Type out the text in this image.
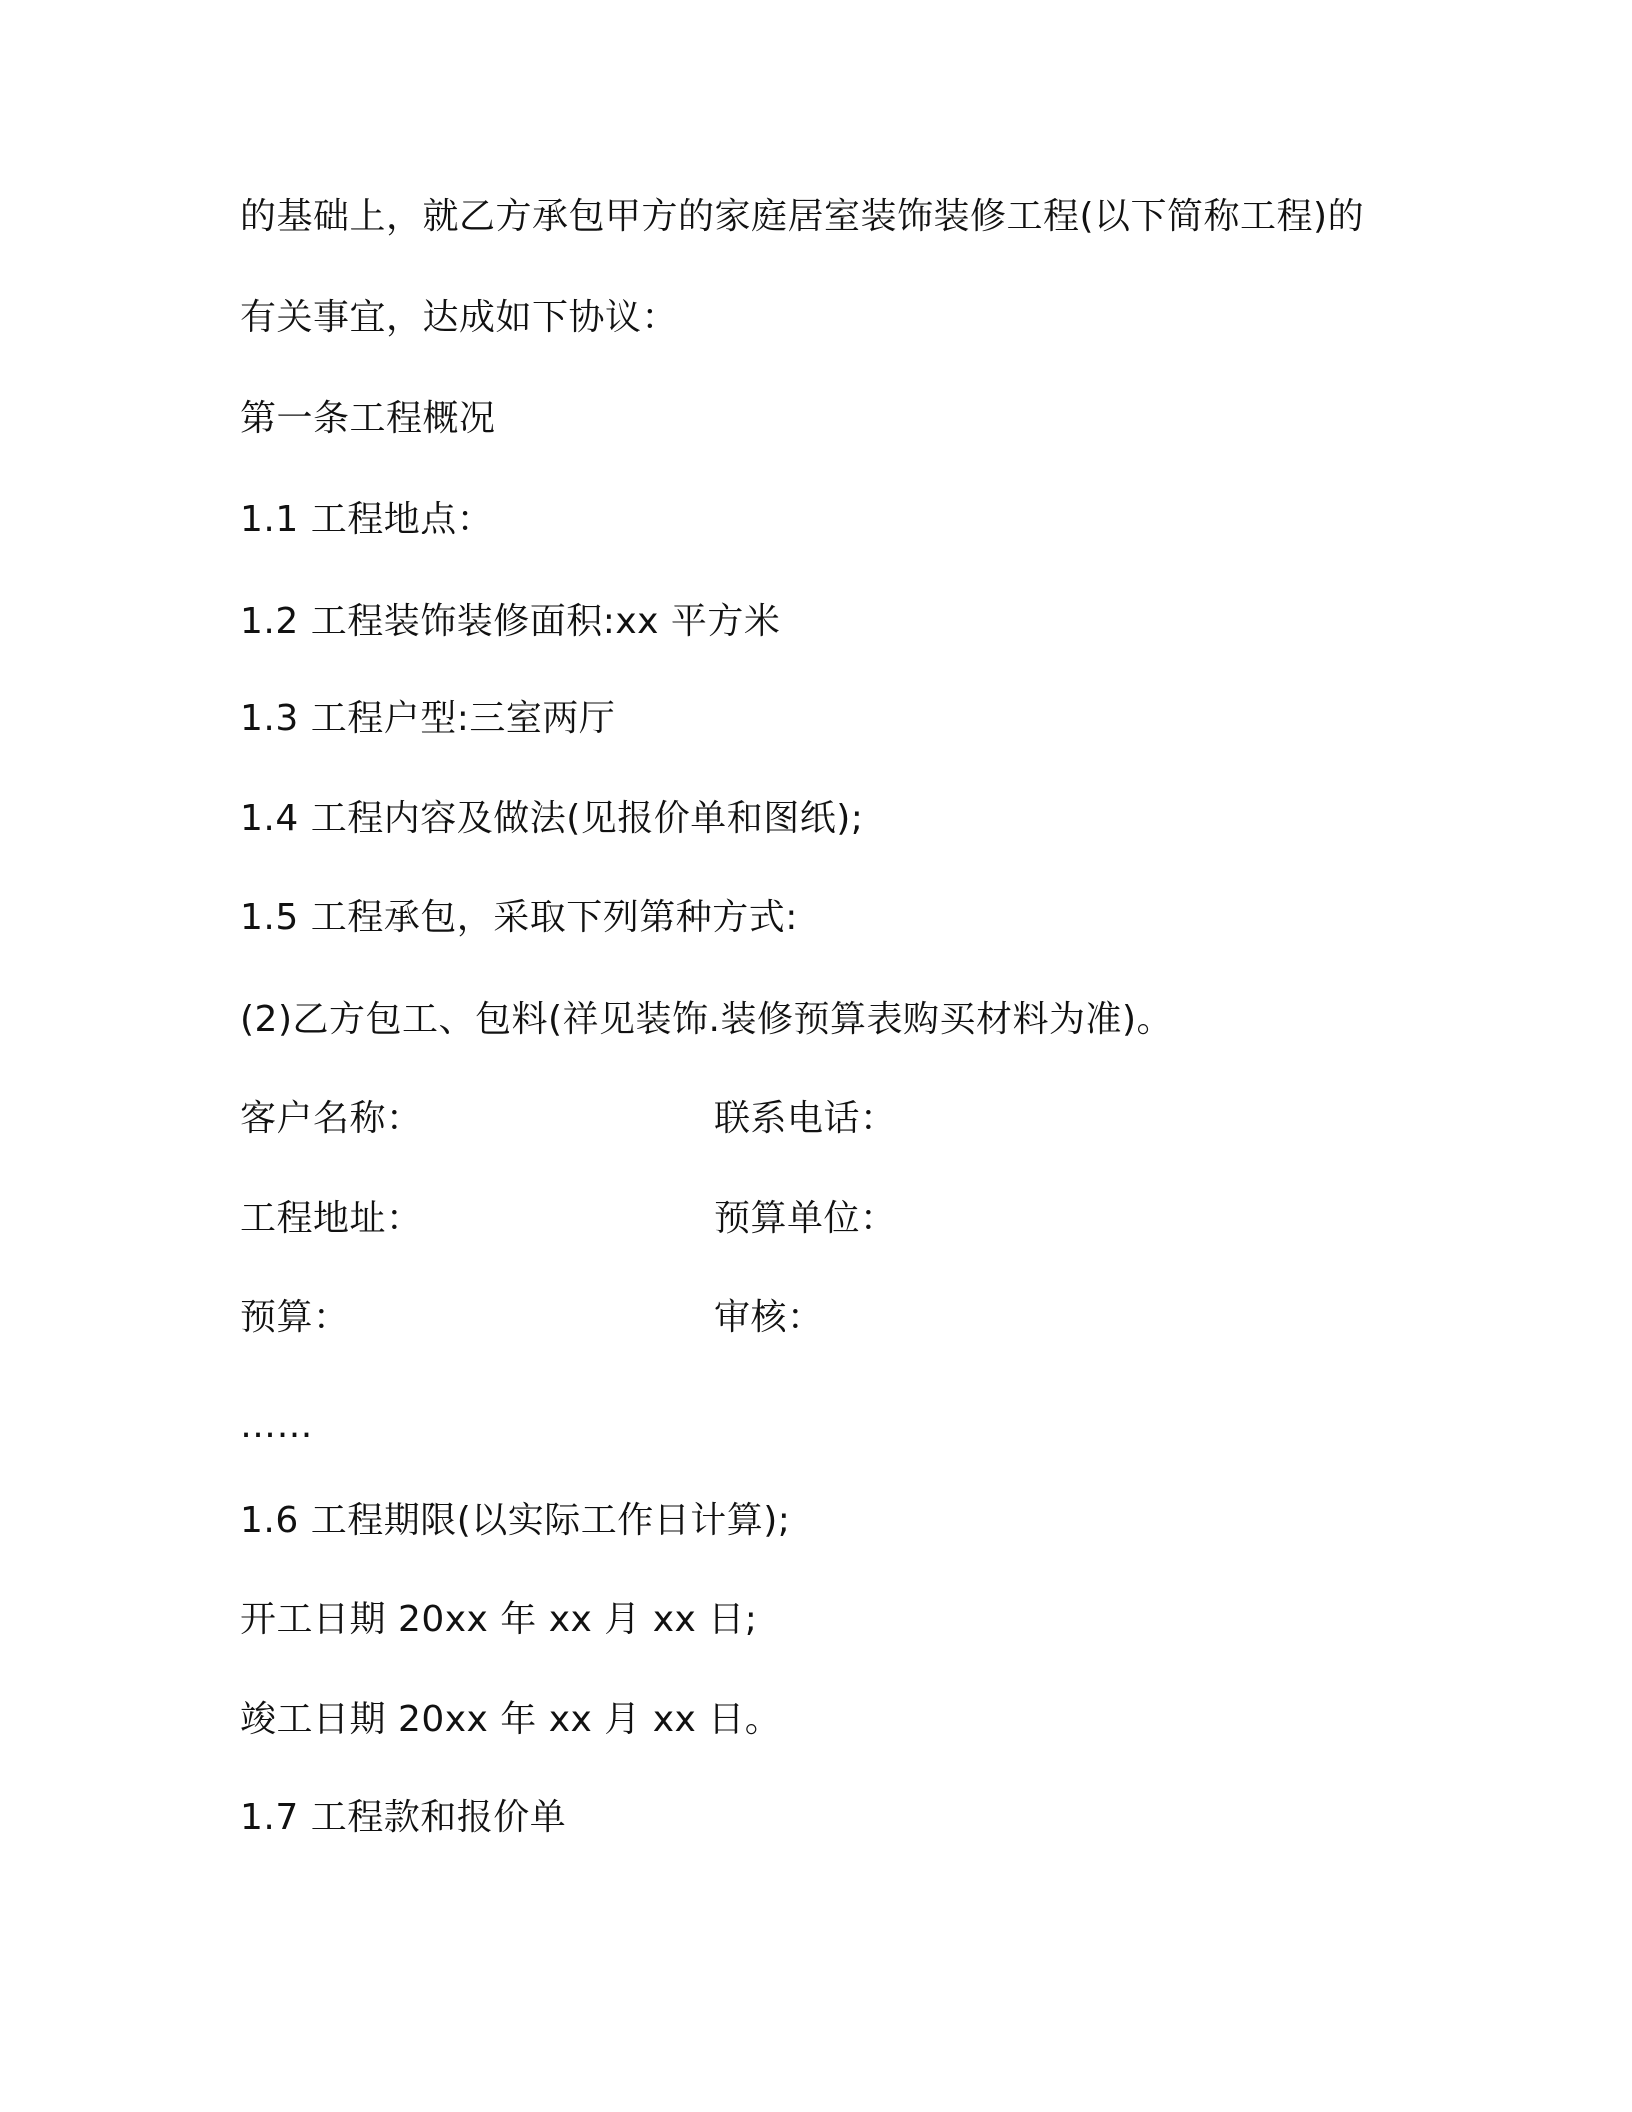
的基础上，就乙方承包甲方的家庭居室装饰装修工程(以下简称工程)的
有关事宜，达成如下协议：
第一条工程概况
1.1 工程地点：
1.2 工程装饰装修面积:xx 平方米
1.3 工程户型:三室两厅
1.4 工程内容及做法(见报价单和图纸);
1.5 工程承包，采取下列第种方式:
(2)乙方包工、包料(祥见装饰.装修预算表购买材料为准)。
客户名称：	联系电话：
工程地址：	预算单位：
预算：	审核：
……
1.6 工程期限(以实际工作日计算);
开工日期 20xx 年 xx 月 xx 日;
竣工日期 20xx 年 xx 月 xx 日。
1.7 工程款和报价单
